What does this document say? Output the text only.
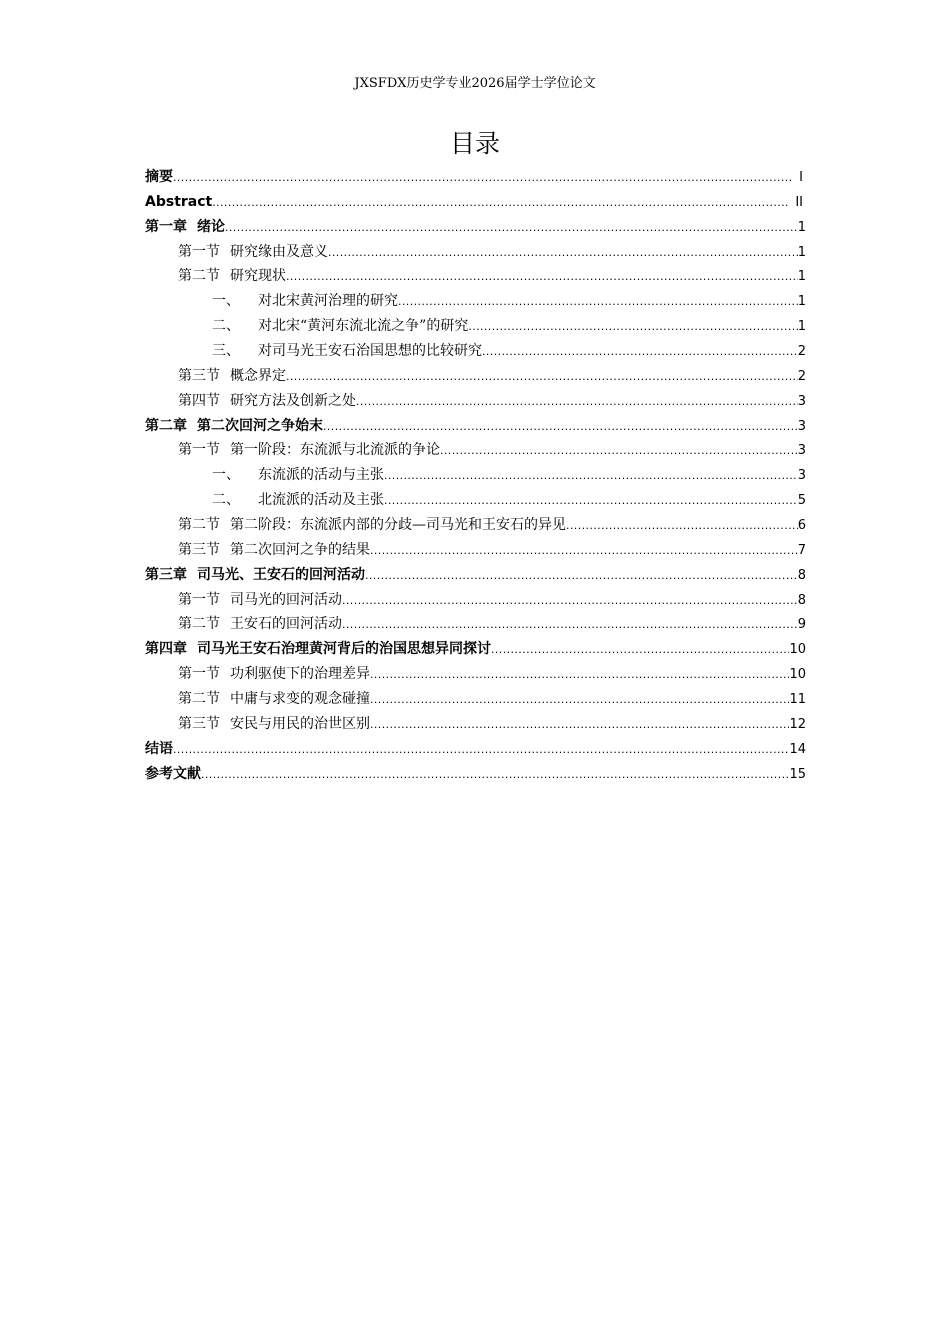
JXSFDX历史学专业2026届学士学位论文
目录
摘要 .....	I
Abstract .....	II
第一章 绪论 .....	1
第一节 研究缘由及意义 .....	1
第二节 研究现状 .....	1
一、 对北宋黄河治理的研究 .....	1
二、 对北宋“黄河东流北流之争”的研究 .....	1
三、 对司马光王安石治国思想的比较研究 .....	2
第三节 概念界定 .....	2
第四节 研究方法及创新之处 .....	3
第二章 第二次回河之争始末 .....	3
第一节 第一阶段：东流派与北流派的争论 .....	3
一、 东流派的活动与主张 .....	3
二、 北流派的活动及主张 .....	5
第二节 第二阶段：东流派内部的分歧—司马光和王安石的异见 .....	6
第三节 第二次回河之争的结果 .....	7
第三章 司马光、王安石的回河活动 .....	8
第一节 司马光的回河活动 .....	8
第二节 王安石的回河活动 .....	9
第四章 司马光王安石治理黄河背后的治国思想异同探讨 .....	10
第一节 功利驱使下的治理差异 .....	10
第二节 中庸与求变的观念碰撞 .....	11
第三节 安民与用民的治世区别 .....	12
结语 .....	14
参考文献 .....	15
